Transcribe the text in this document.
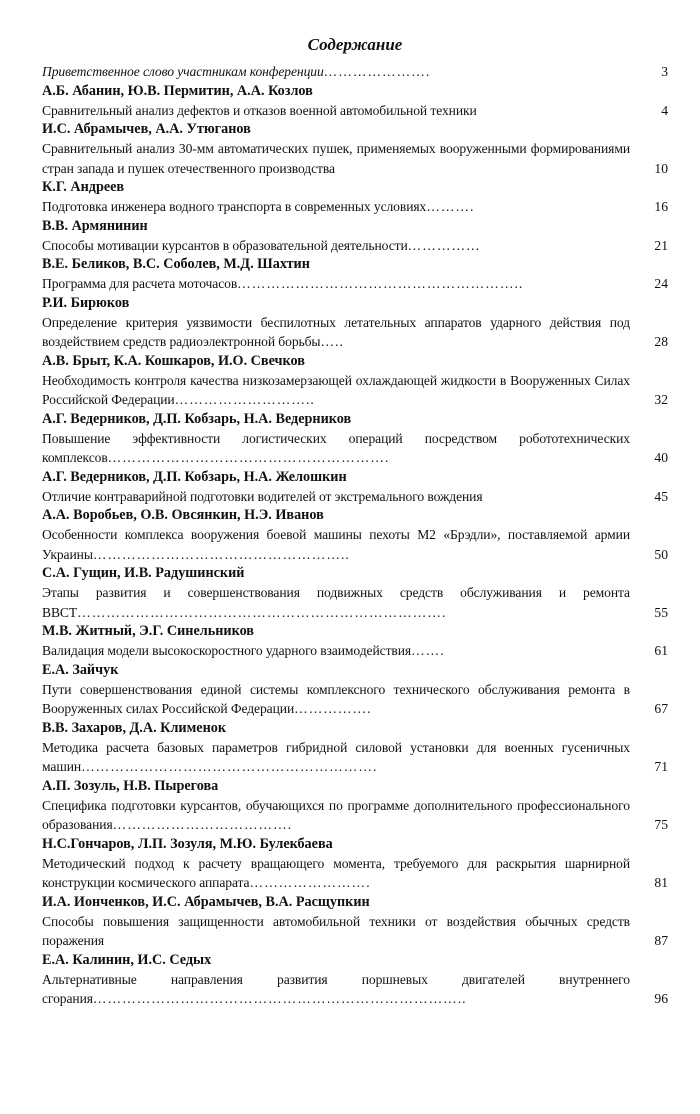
Содержание
Приветственное слово участникам конференции………………….	3
А.Б. Абанин, Ю.В. Пермитин, А.А. Козлов
Сравнительный анализ дефектов и отказов военной автомобильной техники	4
И.С. Абрамычев, А.А. Утюганов
Сравнительный анализ 30-мм автоматических пушек, применяемых вооруженными формированиями стран запада и пушек отечественного производства	10
К.Г. Андреев
Подготовка инженера водного транспорта в современных условиях……….	16
В.В. Армянинин
Способы мотивации курсантов в образовательной деятельности……………	21
В.Е. Беликов, В.С. Соболев, М.Д. Шахтин
Программа для расчета моточасов…………………………………………………..	24
Р.И. Бирюков
Определение критерия уязвимости беспилотных летательных аппаратов ударного действия под воздействием средств радиоэлектронной борьбы…..	28
А.В. Брыт, К.А. Кошкаров, И.О. Свечков
Необходимость контроля качества низкозамерзающей охлаждающей жидкости в Вооруженных Силах Российской Федерации………………………..	32
А.Г. Ведерников, Д.П. Кобзарь, Н.А. Ведерников
Повышение эффективности логистических операций посредством робототехнических комплексов………………………………………………….	40
А.Г. Ведерников, Д.П. Кобзарь, Н.А. Желошкин
Отличие контраварийной подготовки водителей от экстремального вождения	45
А.А. Воробьев, О.В. Овсянкин, Н.Э. Иванов
Особенности комплекса вооружения боевой машины пехоты М2 «Брэдли», поставляемой армии Украины……………………………………………..	50
С.А. Гущин, И.В. Радушинский
Этапы развития и совершенствования подвижных средств обслуживания и ремонта ВВСТ………………………………………………………………….	55
М.В. Житный, Э.Г. Синельников
Валидация модели высокоскоростного ударного взаимодействия…….	61
Е.А. Зайчук
Пути совершенствования единой системы комплексного технического обслуживания ремонта в Вооруженных силах Российской Федерации…………….	67
В.В. Захаров, Д.А. Клименок
Методика расчета базовых параметров гибридной силовой установки для военных гусеничных машин…………………………………………………….	71
А.П. Зозуль, Н.В. Пырегова
Специфика подготовки курсантов, обучающихся по программе дополнительного профессионального образования……………………………….	75
Н.С.Гончаров, Л.П. Зозуля, М.Ю. Булекбаева
Методический подход к расчету вращающего момента, требуемого для раскрытия шарнирной конструкции космического аппарата…………………….	81
И.А. Ионченков, И.С. Абрамычев, В.А. Расщупкин
Способы повышения защищенности автомобильной техники от воздействия обычных средств поражения	87
Е.А. Калинин, И.С. Седых
Альтернативные направления развития поршневых двигателей внутреннего сгорания…………………………………………………………………..	96
